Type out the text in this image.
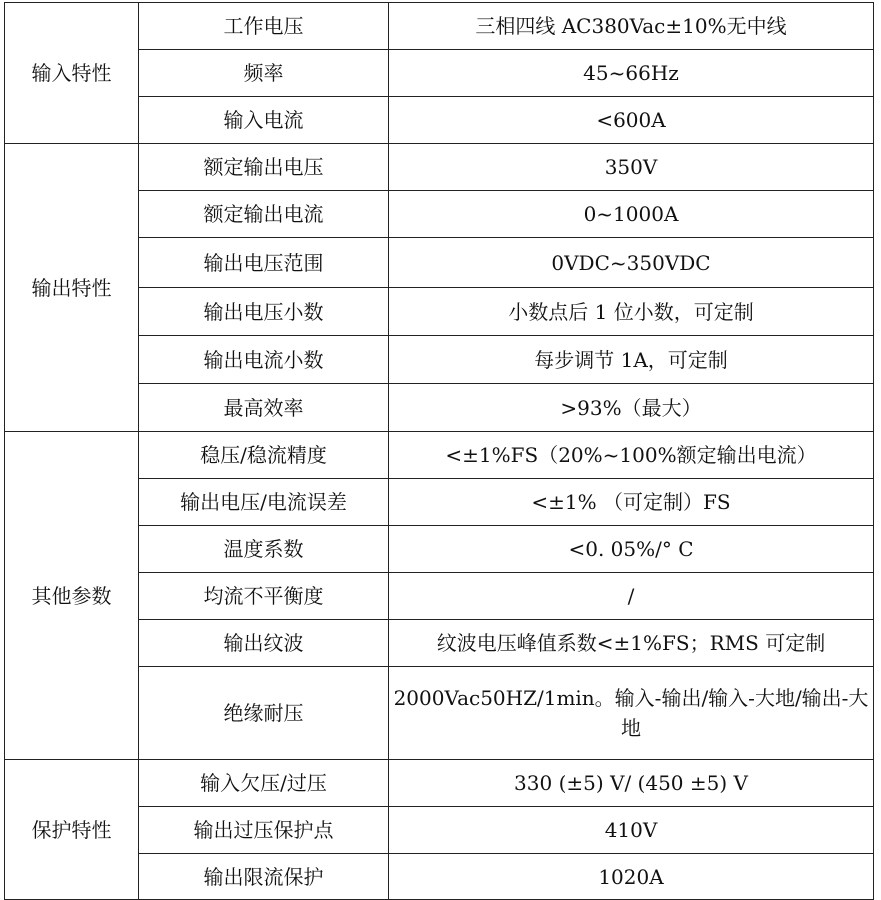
输入特性	工作电压	三相四线 AC380Vac±10%无中线
	频率	45~66Hz
	输入电流	<600A
输出特性	额定输出电压	350V
	额定输出电流	0~1000A
	输出电压范围	0VDC~350VDC
	输出电压小数	小数点后 1 位小数，可定制
	输出电流小数	每步调节 1A，可定制
	最高效率	>93%（最大）
其他参数	稳压/稳流精度	<±1%FS（20%~100%额定输出电流）
	输出电压/电流误差	<±1% （可定制）FS
	温度系数	<0. 05%/° C
	均流不平衡度	/
	输出纹波	纹波电压峰值系数<±1%FS；RMS 可定制
	绝缘耐压	2000Vac50HZ/1min。输入-输出/输入-大地/输出-大 地
保护特性	输入欠压/过压	330 (±5) V/ (450 ±5) V
	输出过压保护点	410V
	输出限流保护	1020A
